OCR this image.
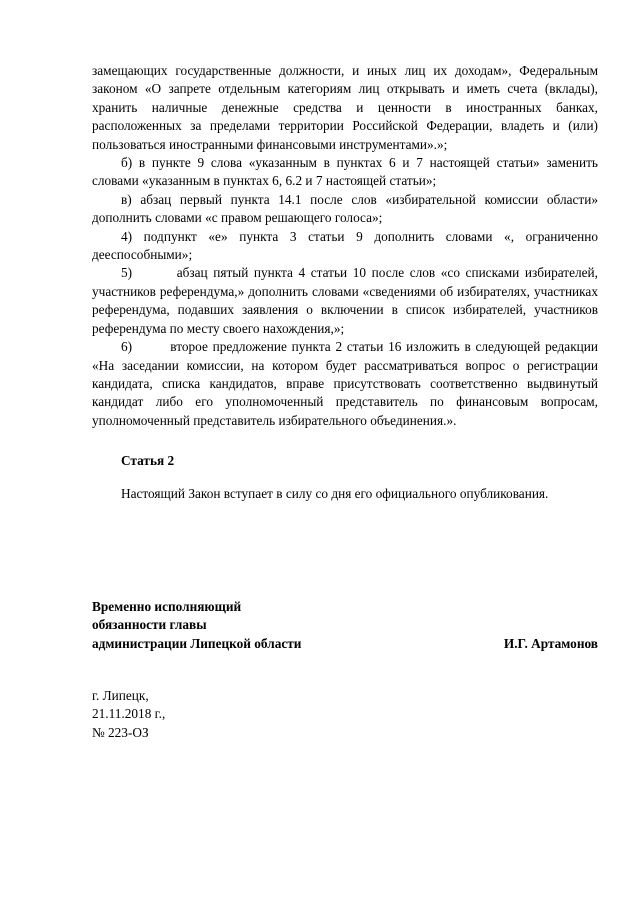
замещающих государственные должности, и иных лиц их доходам», Федеральным законом «О запрете отдельным категориям лиц открывать и иметь счета (вклады), хранить наличные денежные средства и ценности в иностранных банках, расположенных за пределами территории Российской Федерации, владеть и (или) пользоваться иностранными финансовыми инструментами».»;

б) в пункте 9 слова «указанным в пунктах 6 и 7 настоящей статьи» заменить словами «указанным в пунктах 6, 6.2 и 7 настоящей статьи»;

в) абзац первый пункта 14.1 после слов «избирательной комиссии области» дополнить словами «с правом решающего голоса»;

4) подпункт «е» пункта 3 статьи 9 дополнить словами «, ограниченно дееспособными»;

5)        абзац пятый пункта 4 статьи 10 после слов «со списками избирателей, участников референдума,» дополнить словами «сведениями об избирателях, участниках референдума, подавших заявления о включении в список избирателей, участников референдума по месту своего нахождения,»;

6)        второе предложение пункта 2 статьи 16 изложить в следующей редакции «На заседании комиссии, на котором будет рассматриваться вопрос о регистрации кандидата, списка кандидатов, вправе присутствовать соответственно выдвинутый кандидат либо его уполномоченный представитель по финансовым вопросам, уполномоченный представитель избирательного объединения.».

Статья 2

Настоящий Закон вступает в силу со дня его официального опубликования.

Временно исполняющий
обязанности главы
администрации Липецкой области	И.Г. Артамонов
г. Липецк,
21.11.2018 г.,
№ 223-ОЗ
